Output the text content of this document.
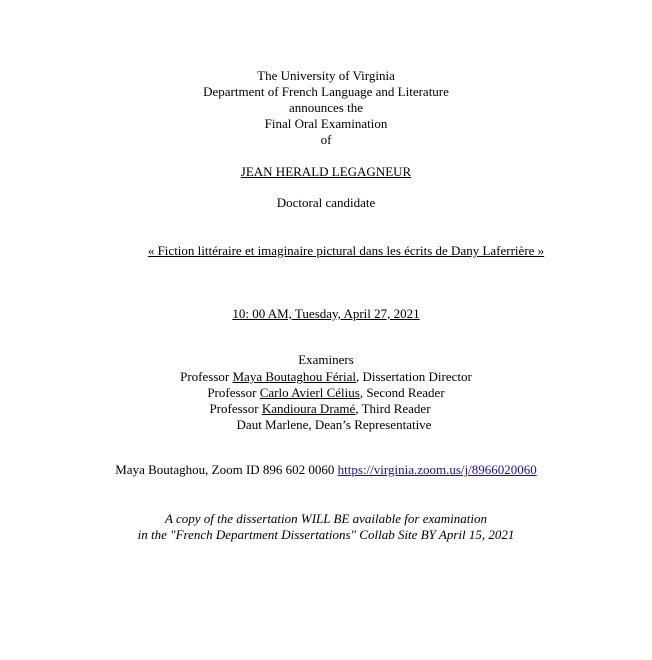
The University of Virginia
Department of French Language and Literature
announces the
Final Oral Examination
of
JEAN HERALD LEGAGNEUR
Doctoral candidate
« Fiction littéraire et imaginaire pictural dans les écrits de Dany Laferrière »
10: 00 AM, Tuesday, April 27, 2021
Examiners
Professor Maya Boutaghou Férial, Dissertation Director
Professor Carlo Avierl Célius, Second Reader
Professor Kandioura Dramé, Third Reader
Daut Marlene, Dean’s Representative
Maya Boutaghou, Zoom ID 896 602 0060 https://virginia.zoom.us/j/8966020060
A copy of the dissertation WILL BE available for examination
in the "French Department Dissertations" Collab Site BY April 15, 2021
